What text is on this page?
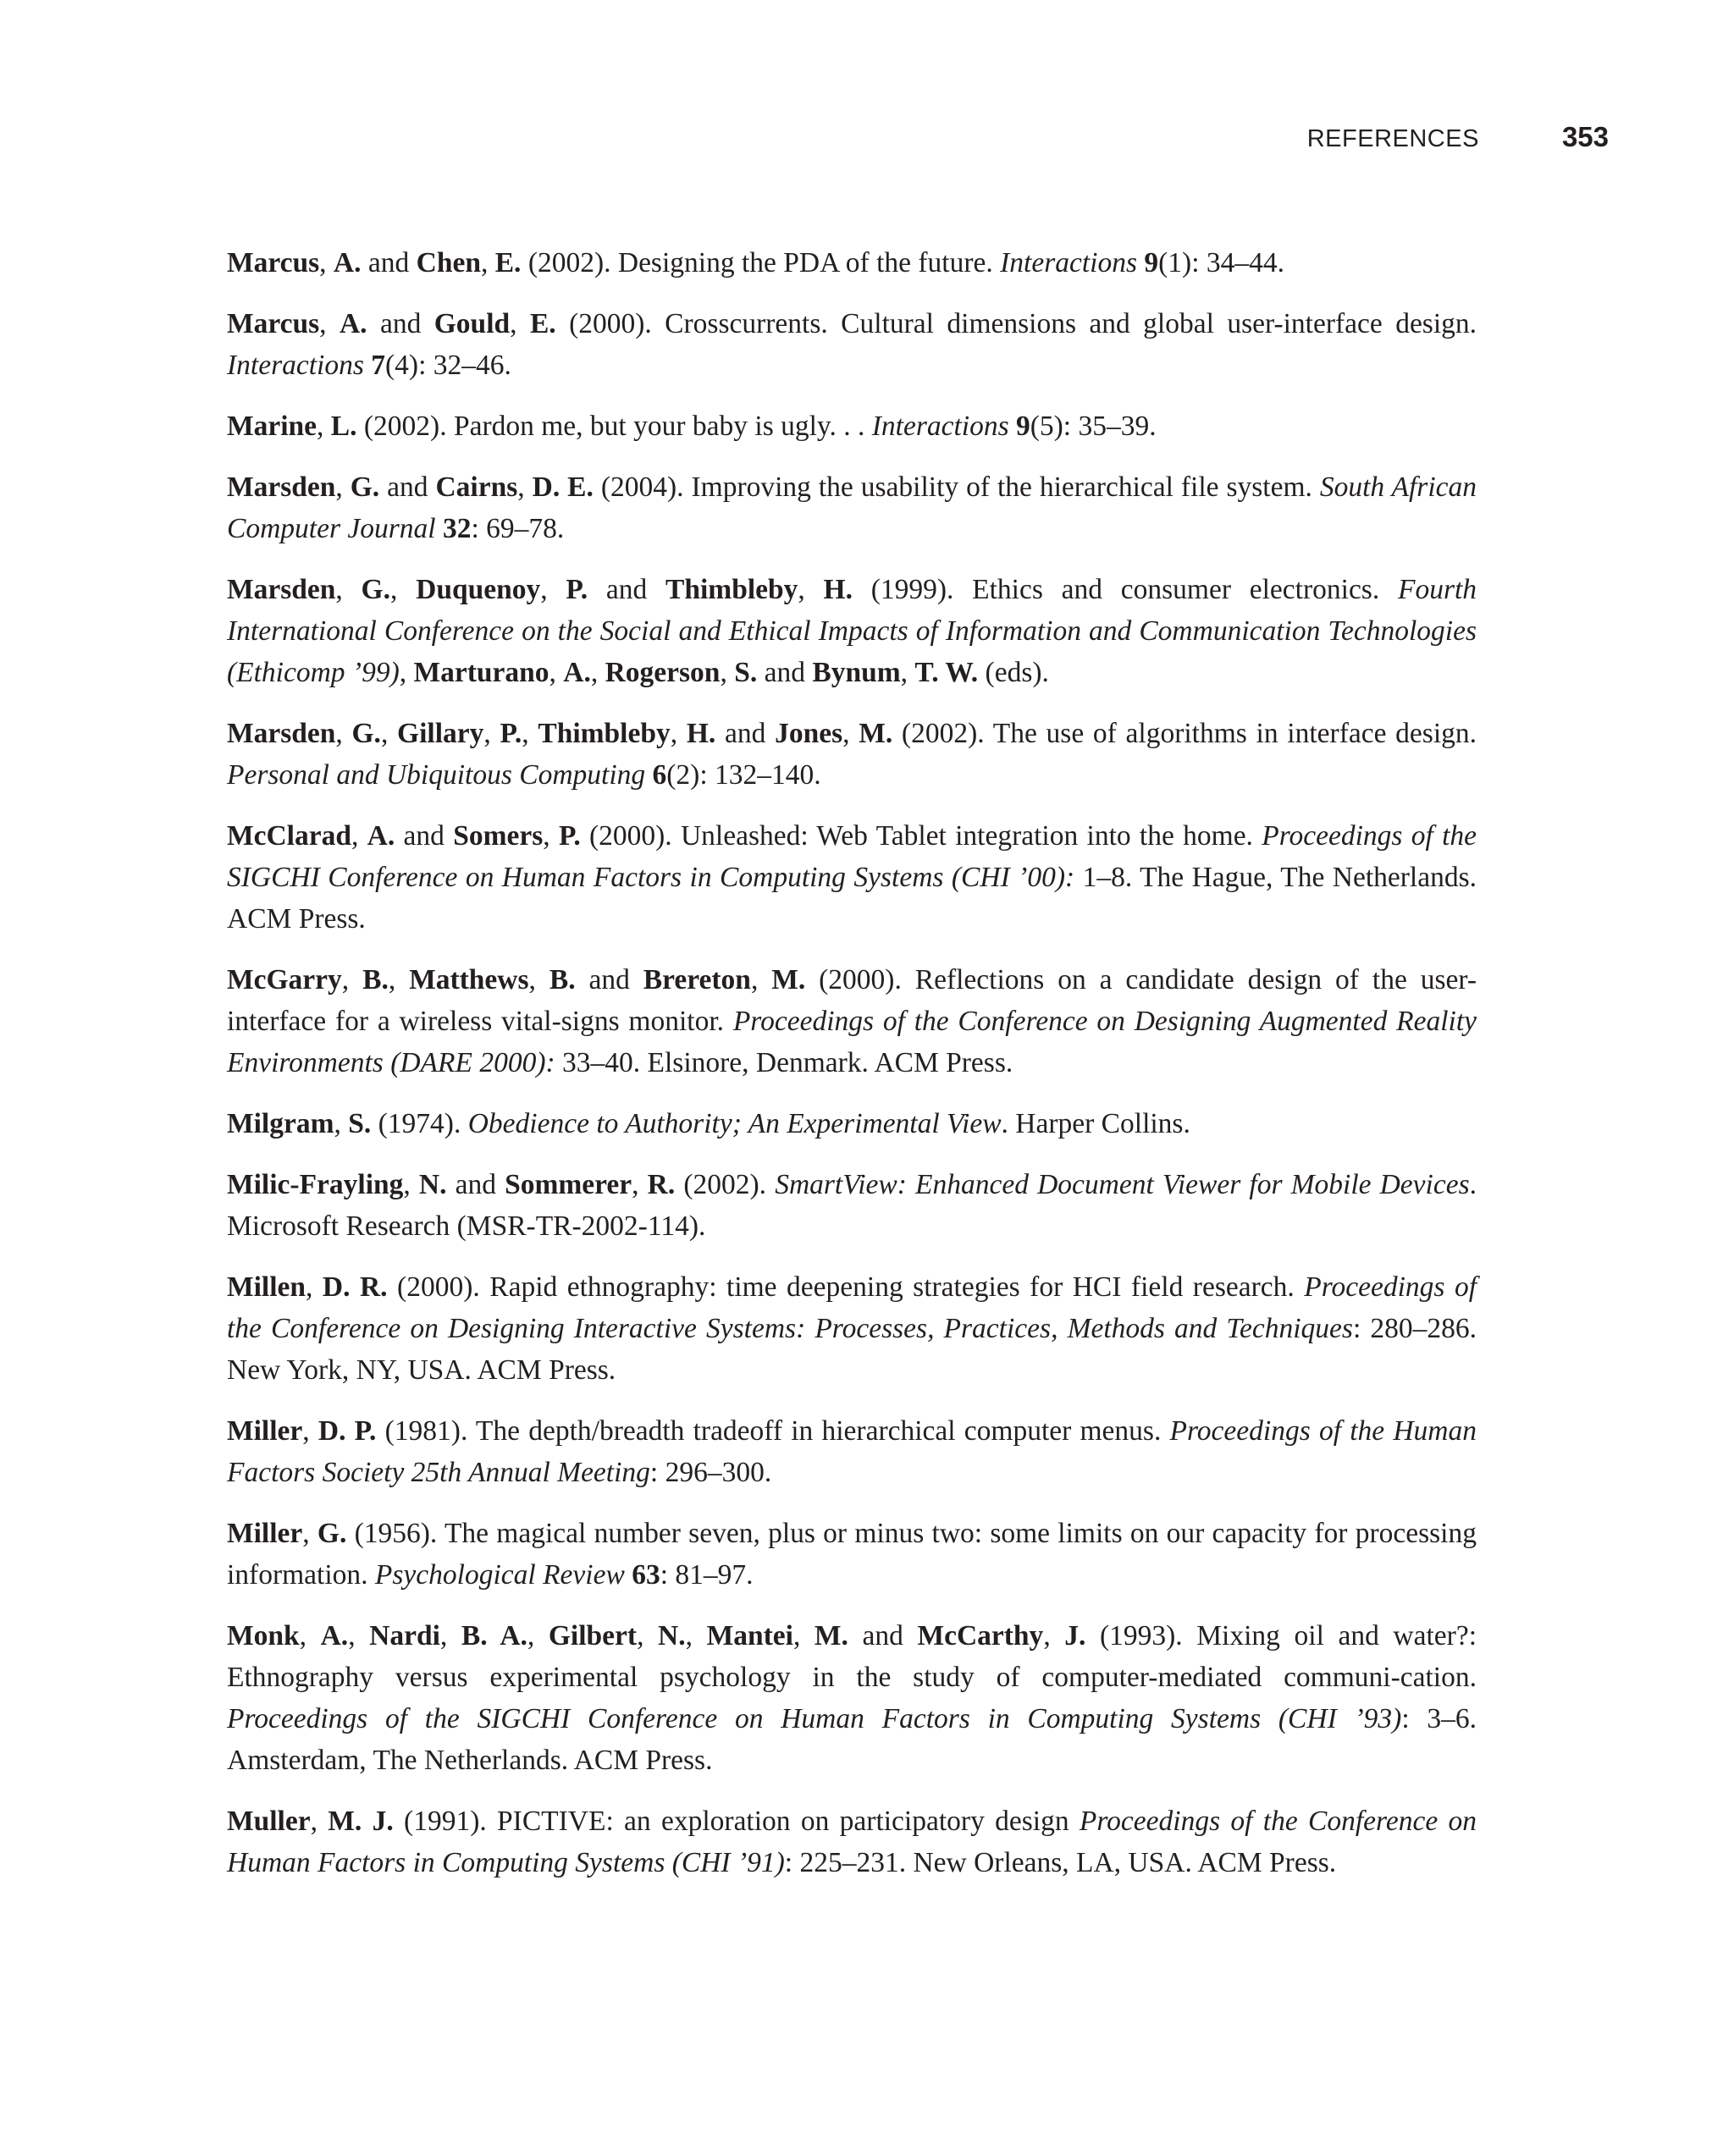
REFERENCES	353

Marcus, A. and Chen, E. (2002). Designing the PDA of the future. Interactions 9(1): 34–44.

Marcus, A. and Gould, E. (2000). Crosscurrents. Cultural dimensions and global user-interface design. Interactions 7(4): 32–46.

Marine, L. (2002). Pardon me, but your baby is ugly. . . Interactions 9(5): 35–39.

Marsden, G. and Cairns, D. E. (2004). Improving the usability of the hierarchical file system. South African Computer Journal 32: 69–78.

Marsden, G., Duquenoy, P. and Thimbleby, H. (1999). Ethics and consumer electronics. Fourth International Conference on the Social and Ethical Impacts of Information and Communication Technologies (Ethicomp ’99), Marturano, A., Rogerson, S. and Bynum, T. W. (eds).

Marsden, G., Gillary, P., Thimbleby, H. and Jones, M. (2002). The use of algorithms in interface design. Personal and Ubiquitous Computing 6(2): 132–140.

McClarad, A. and Somers, P. (2000). Unleashed: Web Tablet integration into the home. Proceedings of the SIGCHI Conference on Human Factors in Computing Systems (CHI ’00): 1–8. The Hague, The Netherlands. ACM Press.

McGarry, B., Matthews, B. and Brereton, M. (2000). Reflections on a candidate design of the user-interface for a wireless vital-signs monitor. Proceedings of the Conference on Designing Augmented Reality Environments (DARE 2000): 33–40. Elsinore, Denmark. ACM Press.

Milgram, S. (1974). Obedience to Authority; An Experimental View. Harper Collins.

Milic-Frayling, N. and Sommerer, R. (2002). SmartView: Enhanced Document Viewer for Mobile Devices. Microsoft Research (MSR-TR-2002-114).

Millen, D. R. (2000). Rapid ethnography: time deepening strategies for HCI field research. Proceedings of the Conference on Designing Interactive Systems: Processes, Practices, Methods and Techniques: 280–286. New York, NY, USA. ACM Press.

Miller, D. P. (1981). The depth/breadth tradeoff in hierarchical computer menus. Proceedings of the Human Factors Society 25th Annual Meeting: 296–300.

Miller, G. (1956). The magical number seven, plus or minus two: some limits on our capacity for processing information. Psychological Review 63: 81–97.

Monk, A., Nardi, B. A., Gilbert, N., Mantei, M. and McCarthy, J. (1993). Mixing oil and water?: Ethnography versus experimental psychology in the study of computer-mediated communi-cation. Proceedings of the SIGCHI Conference on Human Factors in Computing Systems (CHI ’93): 3–6. Amsterdam, The Netherlands. ACM Press.

Muller, M. J. (1991). PICTIVE: an exploration on participatory design Proceedings of the Conference on Human Factors in Computing Systems (CHI ’91): 225–231. New Orleans, LA, USA. ACM Press.
